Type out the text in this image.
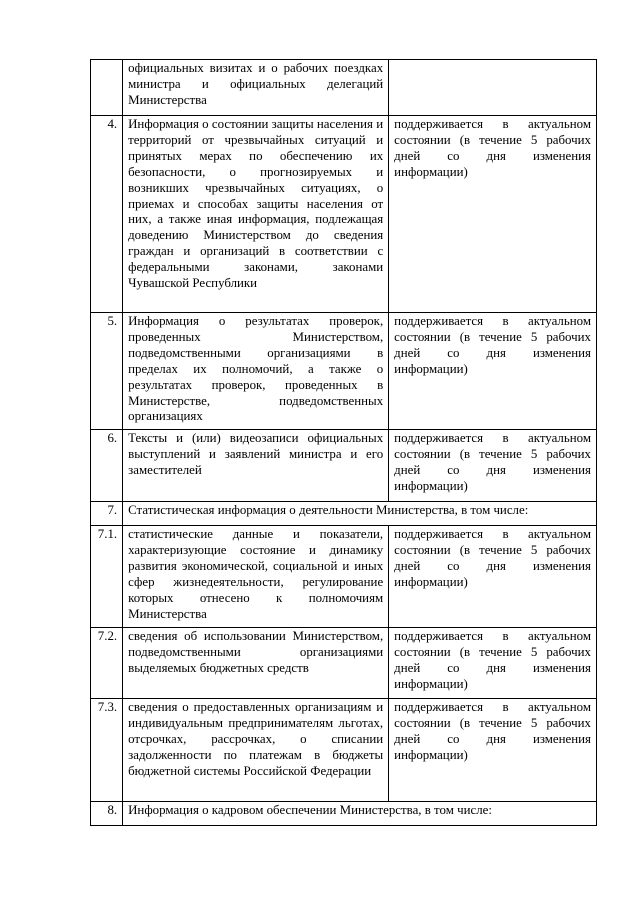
	официальных визитах и о рабочих поездках министра и официальных делегаций Министерства	
4.	Информация о состоянии защиты населения и территорий от чрезвычайных ситуаций и принятых мерах по обеспечению их безопасности, о прогнозируемых и возникших чрезвычайных ситуациях, о приемах и способах защиты населения от них, а также иная информация, подлежащая доведению Министерством до сведения граждан и организаций в соответствии с федеральными законами, законами Чувашской Республики	поддерживается в актуальном состоянии (в течение 5 рабочих дней со дня изменения информации)
5.	Информация о результатах проверок, проведенных Министерством, подведомственными организациями в пределах их полномочий, а также о результатах проверок, проведенных в Министерстве, подведомственных организациях	поддерживается в актуальном состоянии (в течение 5 рабочих дней со дня изменения информации)
6.	Тексты и (или) видеозаписи официальных выступлений и заявлений министра и его заместителей	поддерживается в актуальном состоянии (в течение 5 рабочих дней со дня изменения информации)
7.	Статистическая информация о деятельности Министерства, в том числе:	
7.1.	статистические данные и показатели, характеризующие состояние и динамику развития экономической, социальной и иных сфер жизнедеятельности, регулирование которых отнесено к полномочиям Министерства	поддерживается в актуальном состоянии (в течение 5 рабочих дней со дня изменения информации)
7.2.	сведения об использовании Министерством, подведомственными организациями выделяемых бюджетных средств	поддерживается в актуальном состоянии (в течение 5 рабочих дней со дня изменения информации)
7.3.	сведения о предоставленных организациям и индивидуальным предпринимателям льготах, отсрочках, рассрочках, о списании задолженности по платежам в бюджеты бюджетной системы Российской Федерации	поддерживается в актуальном состоянии (в течение 5 рабочих дней со дня изменения информации)
8.	Информация о кадровом обеспечении Министерства, в том числе:	
